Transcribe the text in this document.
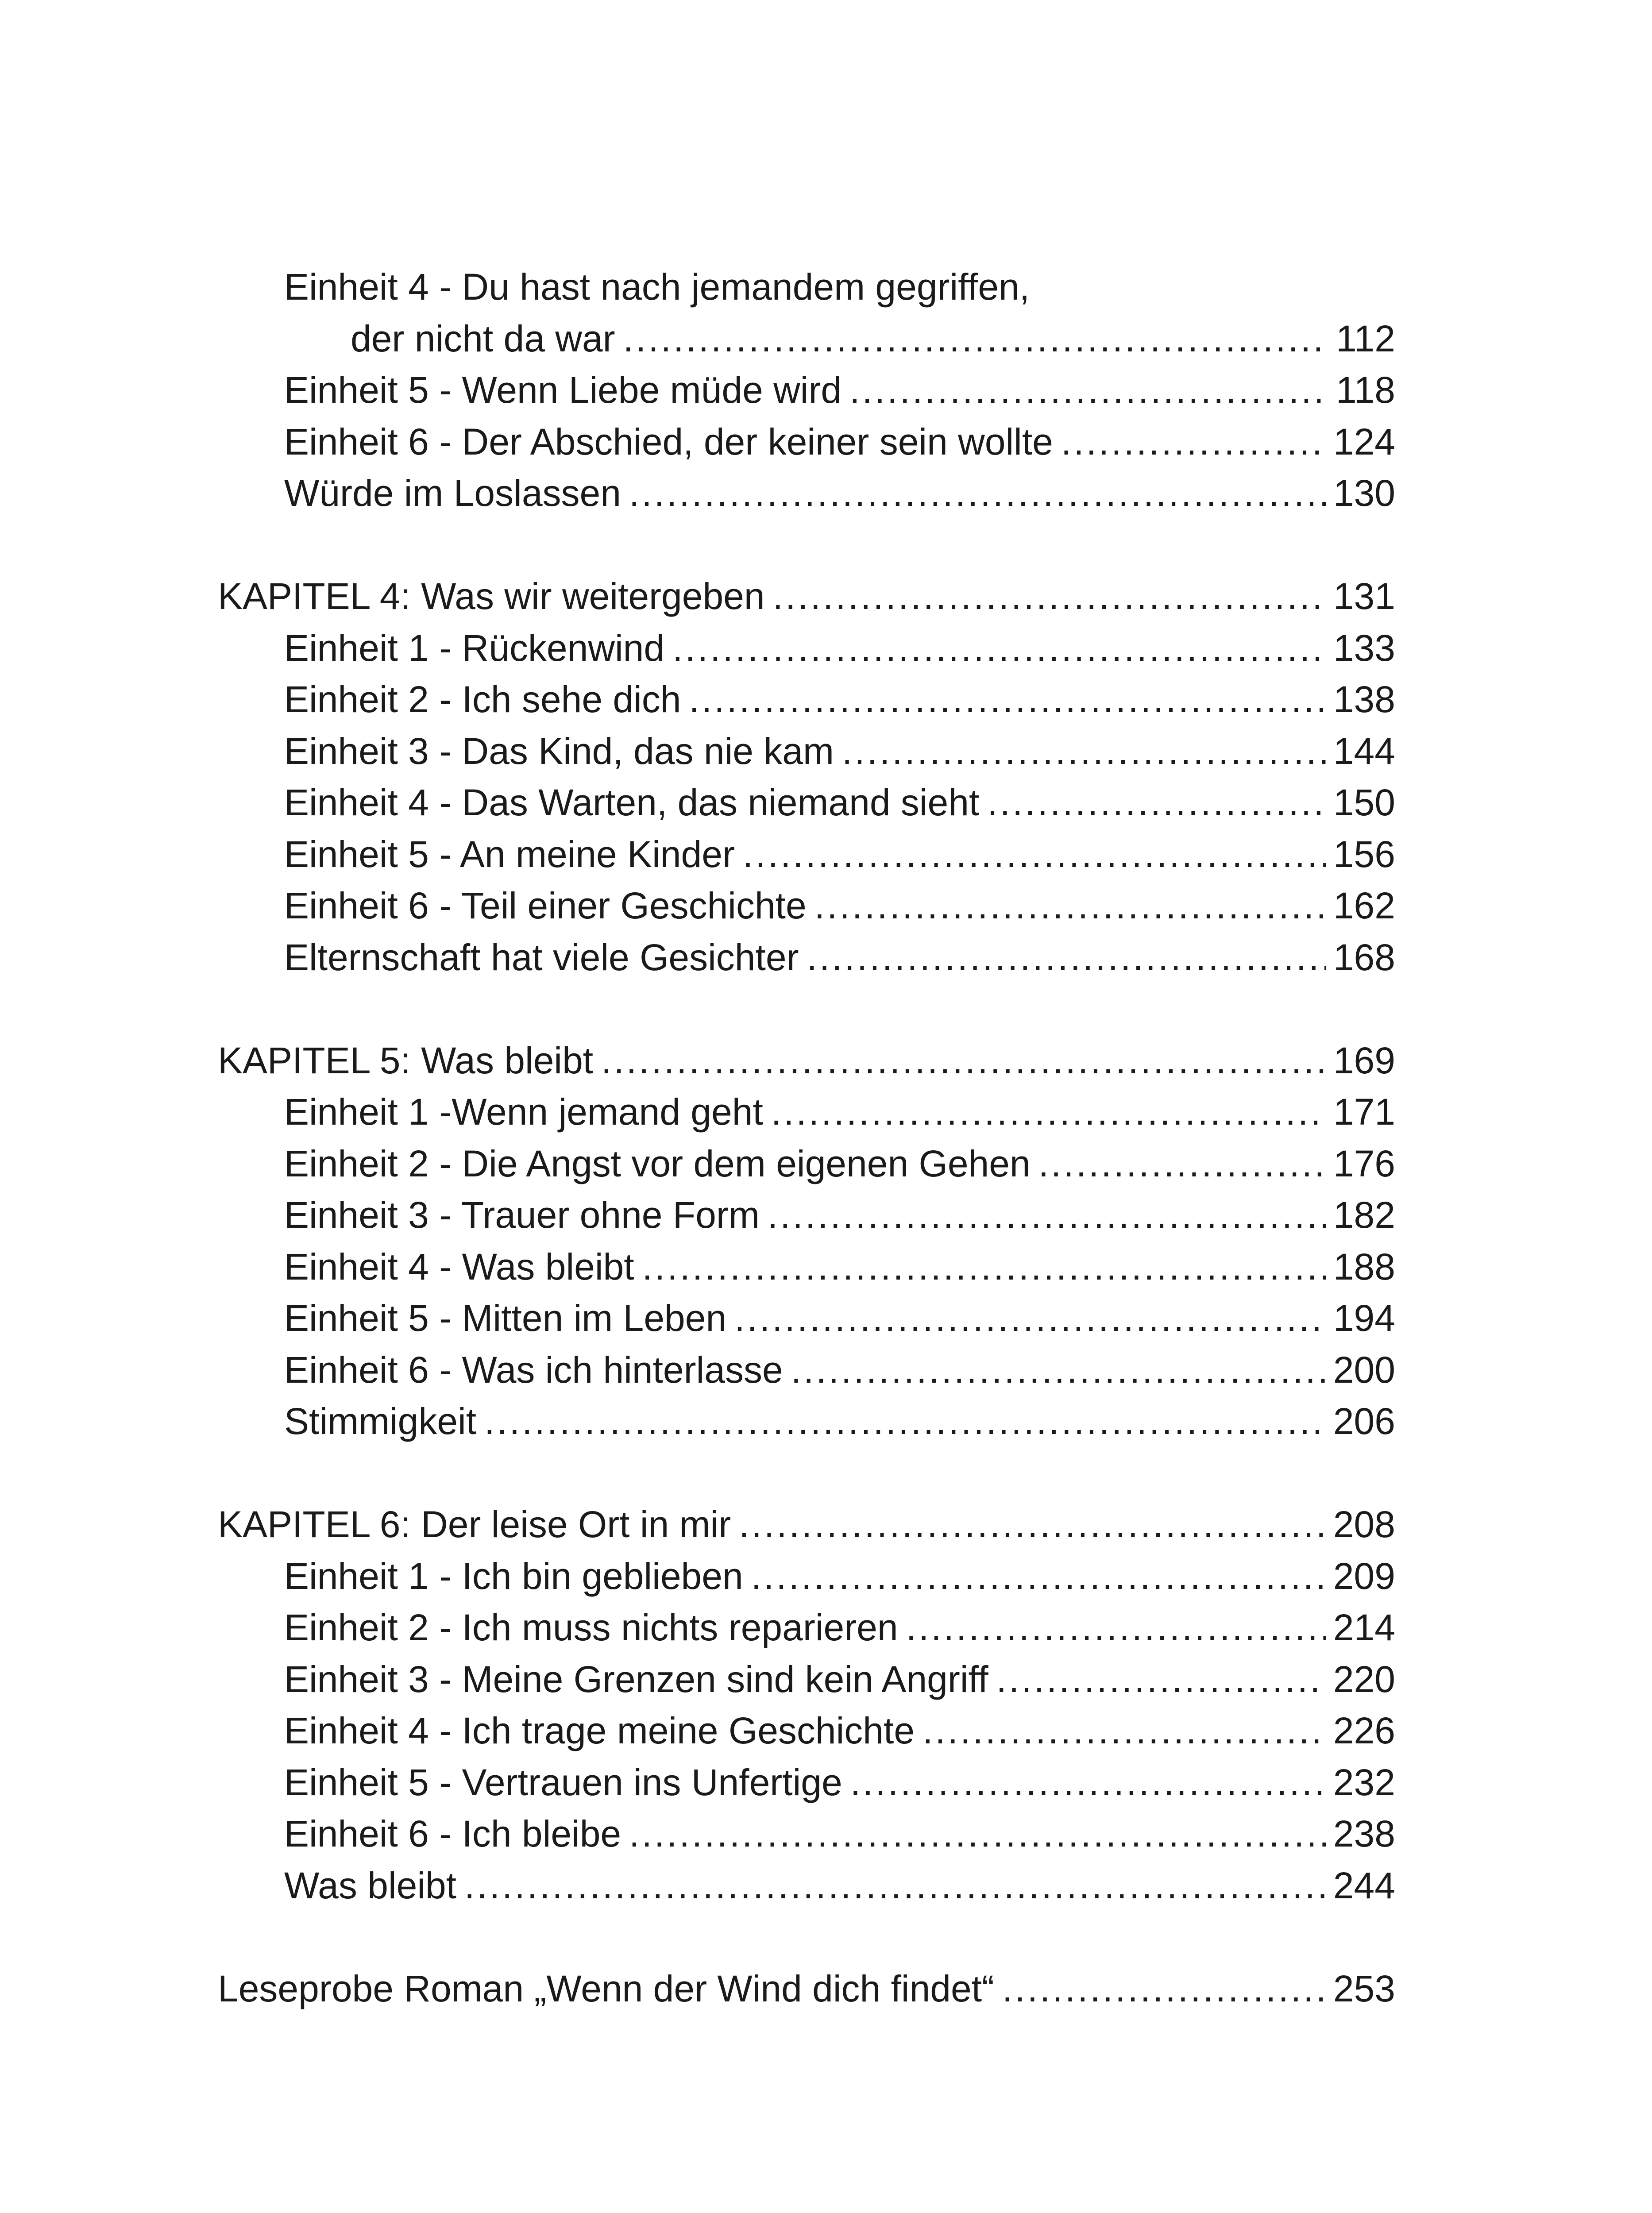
Einheit 4 - Du hast nach jemandem gegriffen,
der nicht da war .....	112
Einheit 5 - Wenn Liebe müde wird .....	118
Einheit 6 - Der Abschied, der keiner sein wollte .....	124
Würde im Loslassen .....	130
KAPITEL 4: Was wir weitergeben .....	131
Einheit 1 - Rückenwind .....	133
Einheit 2 - Ich sehe dich .....	138
Einheit 3 - Das Kind, das nie kam .....	144
Einheit 4 - Das Warten, das niemand sieht .....	150
Einheit 5 - An meine Kinder .....	156
Einheit 6 - Teil einer Geschichte .....	162
Elternschaft hat viele Gesichter .....	168
KAPITEL 5: Was bleibt .....	169
Einheit 1 -Wenn jemand geht .....	171
Einheit 2 - Die Angst vor dem eigenen Gehen .....	176
Einheit 3 - Trauer ohne Form .....	182
Einheit 4 - Was bleibt .....	188
Einheit 5 - Mitten im Leben .....	194
Einheit 6 - Was ich hinterlasse .....	200
Stimmigkeit .....	206
KAPITEL 6: Der leise Ort in mir .....	208
Einheit 1 - Ich bin geblieben .....	209
Einheit 2 - Ich muss nichts reparieren .....	214
Einheit 3 - Meine Grenzen sind kein Angriff .....	220
Einheit 4 - Ich trage meine Geschichte .....	226
Einheit 5 - Vertrauen ins Unfertige .....	232
Einheit 6 - Ich bleibe .....	238
Was bleibt .....	244
Leseprobe Roman „Wenn der Wind dich findet“ .....	253
